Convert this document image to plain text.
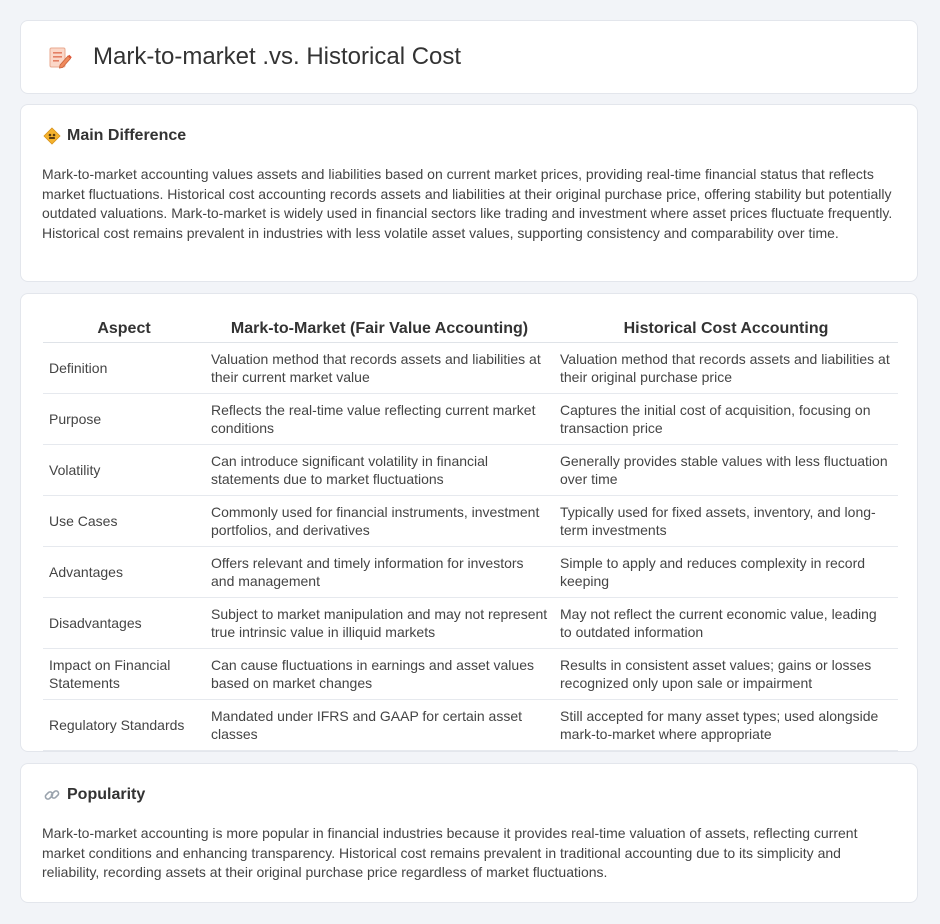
Mark-to-market .vs. Historical Cost
Main Difference

Mark-to-market accounting values assets and liabilities based on current market prices, providing real-time financial status that reflects market fluctuations. Historical cost accounting records assets and liabilities at their original purchase price, offering stability but potentially outdated valuations. Mark-to-market is widely used in financial sectors like trading and investment where asset prices fluctuate frequently. Historical cost remains prevalent in industries with less volatile asset values, supporting consistency and comparability over time.

Aspect	Mark-to-Market (Fair Value Accounting)	Historical Cost Accounting
Definition	Valuation method that records assets and liabilities at their current market value	Valuation method that records assets and liabilities at their original purchase price
Purpose	Reflects the real-time value reflecting current market conditions	Captures the initial cost of acquisition, focusing on transaction price
Volatility	Can introduce significant volatility in financial statements due to market fluctuations	Generally provides stable values with less fluctuation over time
Use Cases	Commonly used for financial instruments, investment portfolios, and derivatives	Typically used for fixed assets, inventory, and long-term investments
Advantages	Offers relevant and timely information for investors and management	Simple to apply and reduces complexity in record keeping
Disadvantages	Subject to market manipulation and may not represent true intrinsic value in illiquid markets	May not reflect the current economic value, leading to outdated information
Impact on Financial Statements	Can cause fluctuations in earnings and asset values based on market changes	Results in consistent asset values; gains or losses recognized only upon sale or impairment
Regulatory Standards	Mandated under IFRS and GAAP for certain asset classes	Still accepted for many asset types; used alongside mark-to-market where appropriate
Popularity

Mark-to-market accounting is more popular in financial industries because it provides real-time valuation of assets, reflecting current market conditions and enhancing transparency. Historical cost remains prevalent in traditional accounting due to its simplicity and reliability, recording assets at their original purchase price regardless of market fluctuations.
